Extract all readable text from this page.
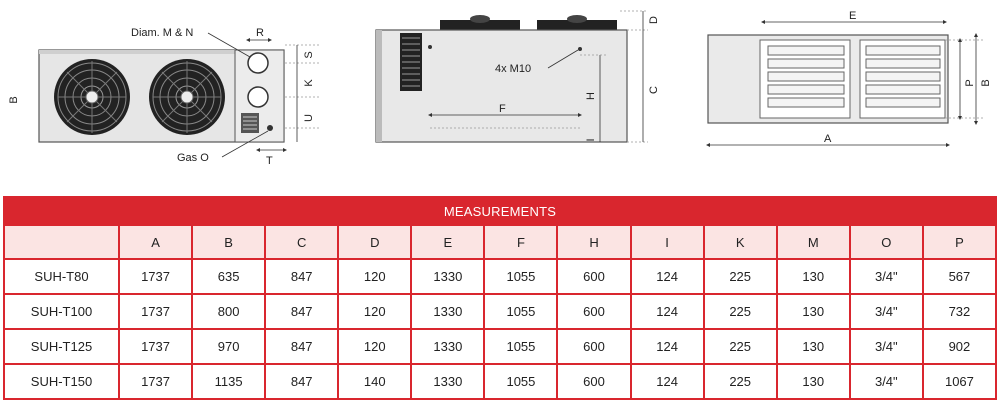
B
Diam. M & N
Gas O
R
S
K
U
T
D
C
4x M10
H
F
I
E
P B
A
MEASUREMENTS												
	A	B	C	D	E	F	H	I	K	M	O	P
SUH-T80	1737	635	847	120	1330	1055	600	124	225	130	3/4"	567
SUH-T100	1737	800	847	120	1330	1055	600	124	225	130	3/4"	732
SUH-T125	1737	970	847	120	1330	1055	600	124	225	130	3/4"	902
SUH-T150	1737	1135	847	140	1330	1055	600	124	225	130	3/4"	1067
